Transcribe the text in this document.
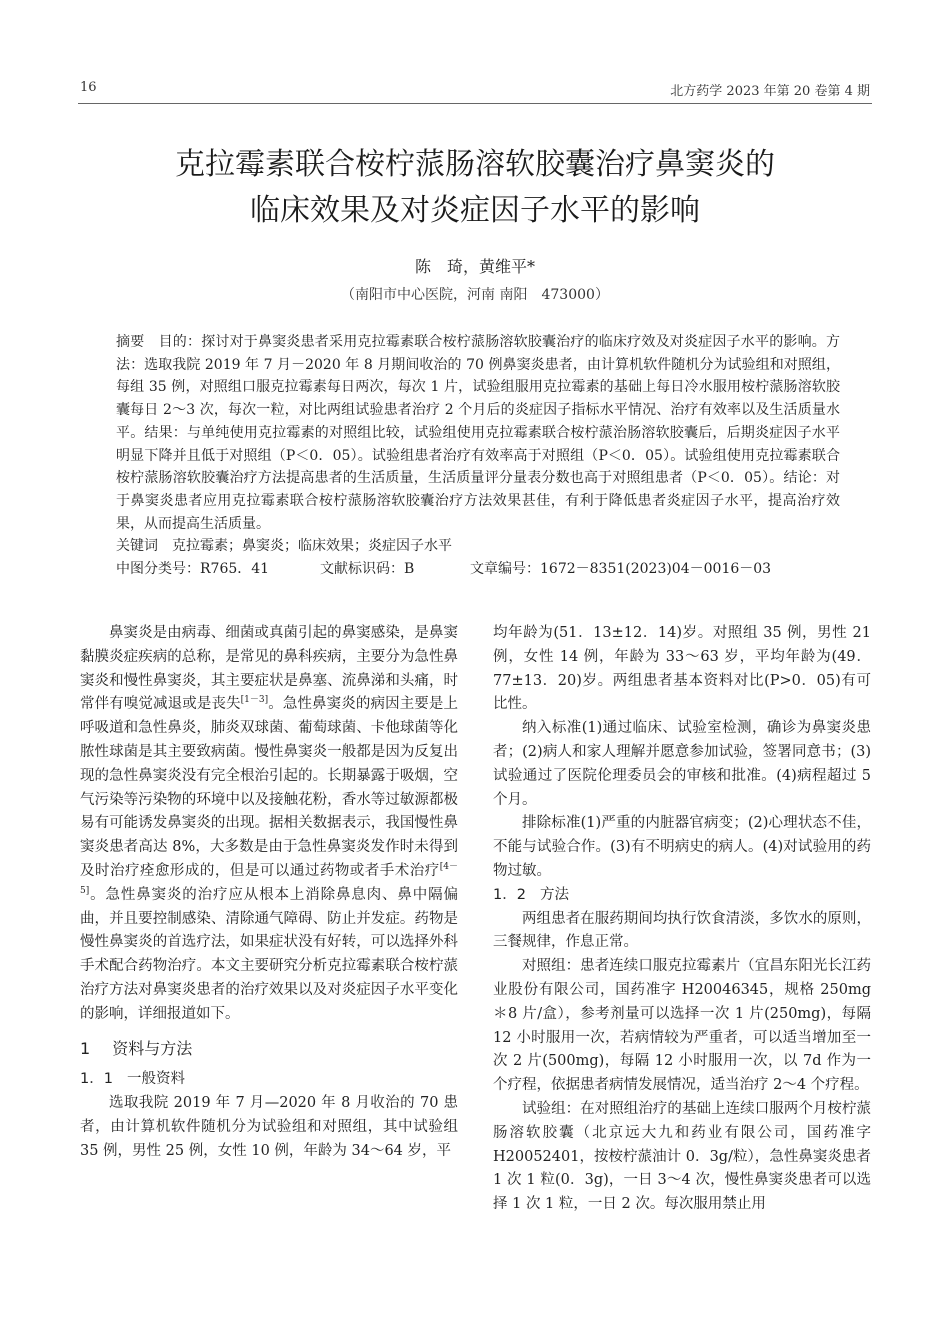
16	北方药学 2023 年第 20 卷第 4 期
克拉霉素联合桉柠蒎肠溶软胶囊治疗鼻窦炎的
临床效果及对炎症因子水平的影响
陈　琦，黄维平*
（南阳市中心医院，河南 南阳　473000）

摘要  目的：探讨对于鼻窦炎患者采用克拉霉素联合桉柠蒎肠溶软胶囊治疗的临床疗效及对炎症因子水平的影响。方法：选取我院 2019 年 7 月－2020 年 8 月期间收治的 70 例鼻窦炎患者，由计算机软件随机分为试验组和对照组，每组 35 例，对照组口服克拉霉素每日两次，每次 1 片，试验组服用克拉霉素的基础上每日冷水服用桉柠蒎肠溶软胶囊每日 2～3 次，每次一粒，对比两组试验患者治疗 2 个月后的炎症因子指标水平情况、治疗有效率以及生活质量水平。结果：与单纯使用克拉霉素的对照组比较，试验组使用克拉霉素联合桉柠蒎治肠溶软胶囊后，后期炎症因子水平明显下降并且低于对照组（P＜0．05）。试验组患者治疗有效率高于对照组（P＜0．05）。试验组使用克拉霉素联合桉柠蒎肠溶软胶囊治疗方法提高患者的生活质量，生活质量评分量表分数也高于对照组患者（P＜0．05）。结论：对于鼻窦炎患者应用克拉霉素联合桉柠蒎肠溶软胶囊治疗方法效果甚佳，有利于降低患者炎症因子水平，提高治疗效果，从而提高生活质量。

关键词  克拉霉素；鼻窦炎；临床效果；炎症因子水平

中图分类号：R765．41	文献标识码：B	文章编号：1672－8351(2023)04－0016－03

鼻窦炎是由病毒、细菌或真菌引起的鼻窦感染，是鼻窦黏膜炎症疾病的总称，是常见的鼻科疾病，主要分为急性鼻窦炎和慢性鼻窦炎，其主要症状是鼻塞、流鼻涕和头痛，时常伴有嗅觉减退或是丧失[1－3]。急性鼻窦炎的病因主要是上呼吸道和急性鼻炎，肺炎双球菌、葡萄球菌、卡他球菌等化脓性球菌是其主要致病菌。慢性鼻窦炎一般都是因为反复出现的急性鼻窦炎没有完全根治引起的。长期暴露于吸烟，空气污染等污染物的环境中以及接触花粉，香水等过敏源都极易有可能诱发鼻窦炎的出现。据相关数据表示，我国慢性鼻窦炎患者高达 8%，大多数是由于急性鼻窦炎发作时未得到及时治疗痊愈形成的，但是可以通过药物或者手术治疗[4－5]。急性鼻窦炎的治疗应从根本上消除鼻息肉、鼻中隔偏曲，并且要控制感染、清除通气障碍、防止并发症。药物是慢性鼻窦炎的首选疗法，如果症状没有好转，可以选择外科手术配合药物治疗。本文主要研究分析克拉霉素联合桉柠蒎治疗方法对鼻窦炎患者的治疗效果以及对炎症因子水平变化的影响，详细报道如下。

1 资料与方法

1．1 一般资料

选取我院 2019 年 7 月—2020 年 8 月收治的 70 患者，由计算机软件随机分为试验组和对照组，其中试验组 35 例，男性 25 例，女性 10 例，年龄为 34～64 岁，平

均年龄为(51．13±12．14)岁。对照组 35 例，男性 21 例，女性 14 例，年龄为 33～63 岁，平均年龄为(49．77±13．20)岁。两组患者基本资料对比(P>0．05)有可比性。

纳入标准(1)通过临床、试验室检测，确诊为鼻窦炎患者；(2)病人和家人理解并愿意参加试验，签署同意书；(3)试验通过了医院伦理委员会的审核和批准。(4)病程超过 5 个月。

排除标准(1)严重的内脏器官病变；(2)心理状态不佳，不能与试验合作。(3)有不明病史的病人。(4)对试验用的药物过敏。

1．2 方法

两组患者在服药期间均执行饮食清淡，多饮水的原则，三餐规律，作息正常。

对照组：患者连续口服克拉霉素片（宜昌东阳光长江药业股份有限公司，国药准字 H20046345，规格 250mg＊8 片/盒），参考剂量可以选择一次 1 片(250mg)，每隔 12 小时服用一次，若病情较为严重者，可以适当增加至一次 2 片(500mg)，每隔 12 小时服用一次，以 7d 作为一个疗程，依据患者病情发展情况，适当治疗 2～4 个疗程。

试验组：在对照组治疗的基础上连续口服两个月桉柠蒎肠溶软胶囊（北京远大九和药业有限公司，国药准字 H20052401，按桉柠蒎油计 0．3g/粒），急性鼻窦炎患者 1 次 1 粒(0．3g)，一日 3～4 次，慢性鼻窦炎患者可以选择 1 次 1 粒，一日 2 次。每次服用禁止用
